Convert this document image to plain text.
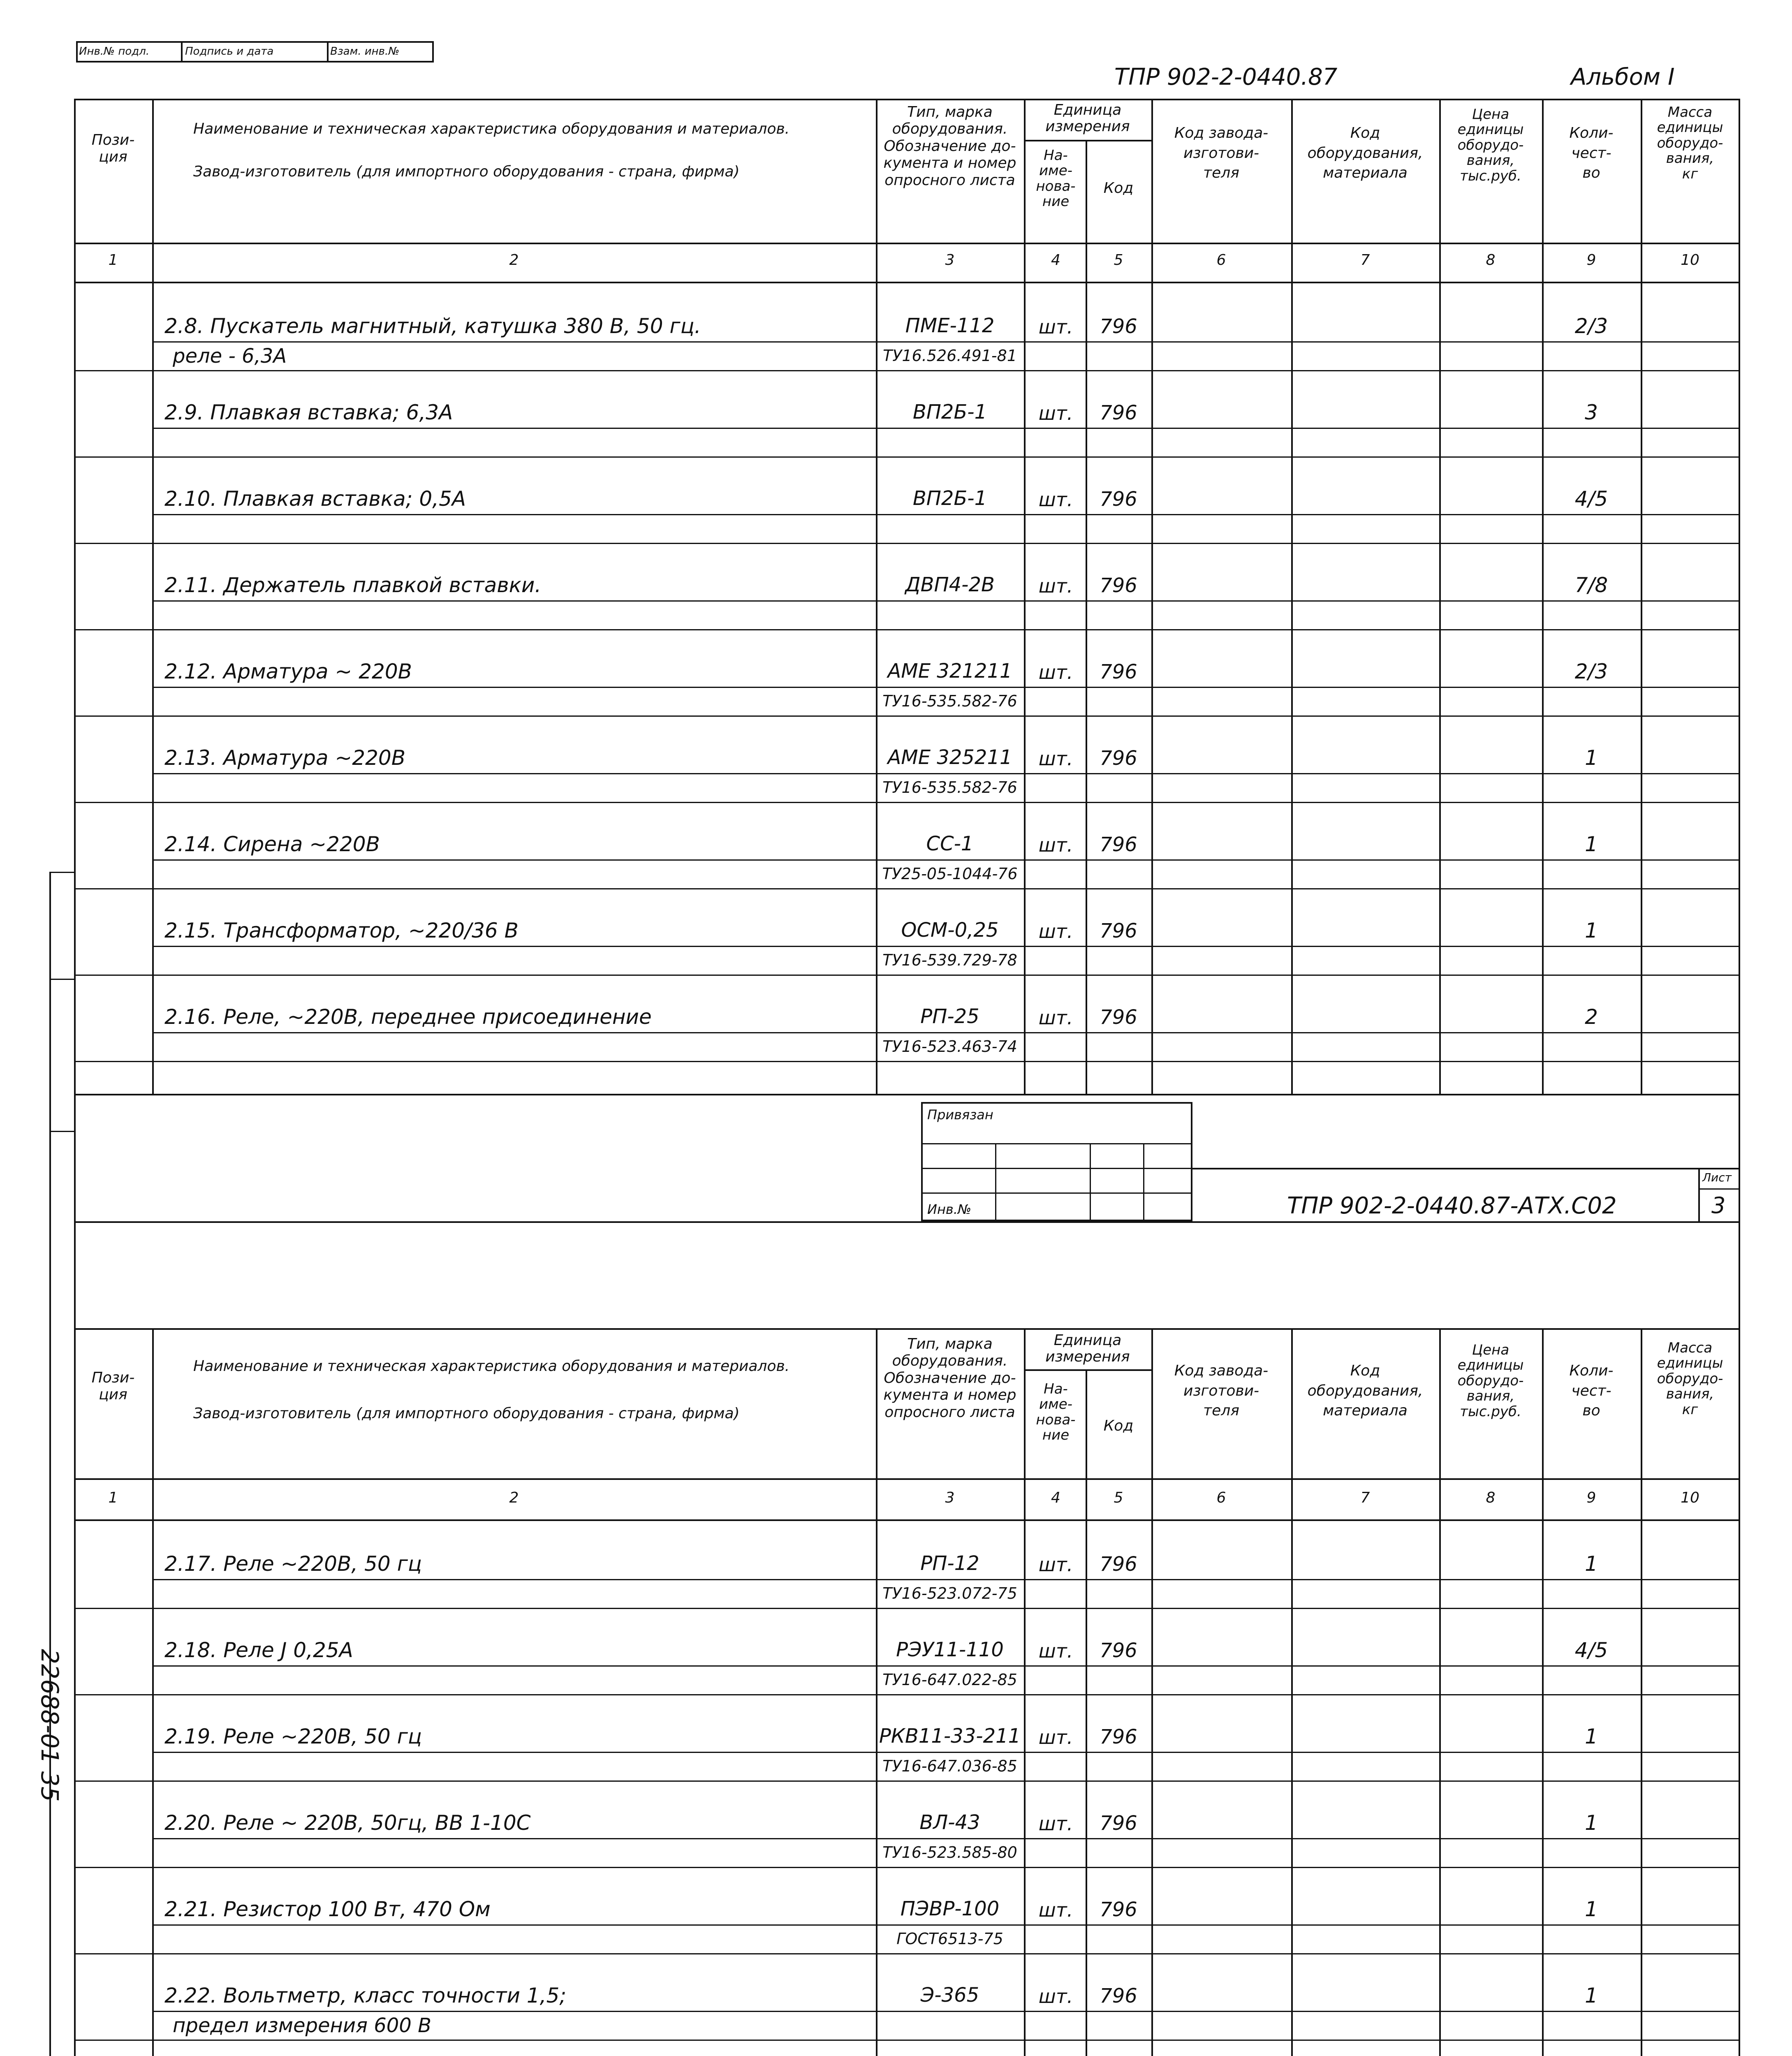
Инв.№ подл.	Подпись и дата	Взам. инв.№
ТПР 902-2-0440.87	Альбом I
22688-01 35
Пози-
ция
Наименование и техническая характеристика оборудования и материалов.
Завод-изготовитель (для импортного оборудования - страна, фирма)
Тип, марка
оборудования.
Обозначение до-
кумента и номер
опросного листа
Единица
измерения
На-
име-
нова-
ние
Код
Код завода-
изготови-
теля
Код
оборудования,
материала
Цена
единицы
оборудо-
вания,
тыс.руб.
Коли-
чест-
во
Масса
единицы
оборудо-
вания,
кг
1	2	3	4	5	6	7	8	9	10
2.8. Пускатель магнитный, катушка 380 В, 50 гц.	ПМЕ-112	шт.	796	2/3
реле - 6,3А	ТУ16.526.491-81
2.9. Плавкая вставка; 6,3А	ВП2Б-1	шт.	796	3
2.10. Плавкая вставка; 0,5А	ВП2Б-1	шт.	796	4/5
2.11. Держатель плавкой вставки.	ДВП4-2В	шт.	796	7/8
2.12. Арматура ~ 220В	АМЕ 321211	шт.	796	2/3
ТУ16-535.582-76
2.13. Арматура ~220В	АМЕ 325211	шт.	796	1
ТУ16-535.582-76
2.14. Сирена ~220В	СС-1	шт.	796	1
ТУ25-05-1044-76
2.15. Трансформатор, ~220/36 В	ОСМ-0,25	шт.	796	1
ТУ16-539.729-78
2.16. Реле, ~220В, переднее присоединение	РП-25	шт.	796	2
ТУ16-523.463-74
Привязан
Инв.№	ТПР 902-2-0440.87-АТХ.С02
Лист
3
Пози-
ция
Наименование и техническая характеристика оборудования и материалов.
Завод-изготовитель (для импортного оборудования - страна, фирма)
Тип, марка
оборудования.
Обозначение до-
кумента и номер
опросного листа
Единица
измерения
На-
име-
нова-
ние
Код
Код завода-
изготови-
теля
Код
оборудования,
материала
Цена
единицы
оборудо-
вания,
тыс.руб.
Коли-
чест-
во
Масса
единицы
оборудо-
вания,
кг
1	2	3	4	5	6	7	8	9	10
2.17. Реле ~220В, 50 гц	РП-12	шт.	796	1
ТУ16-523.072-75
2.18. Реле J 0,25А	РЭУ11-110	шт.	796	4/5
ТУ16-647.022-85
2.19. Реле ~220В, 50 гц	РКВ11-33-211 шт.	796	1
ТУ16-647.036-85
2.20. Реле ~ 220В, 50гц, ВВ 1-10С	ВЛ-43	шт.	796	1
ТУ16-523.585-80
2.21. Резистор 100 Вт, 470 Ом	ПЭВР-100	шт.	796	1
ГОСТ6513-75
2.22. Вольтметр, класс точности 1,5;	Э-365	шт.	796	1
предел измерения 600 В
